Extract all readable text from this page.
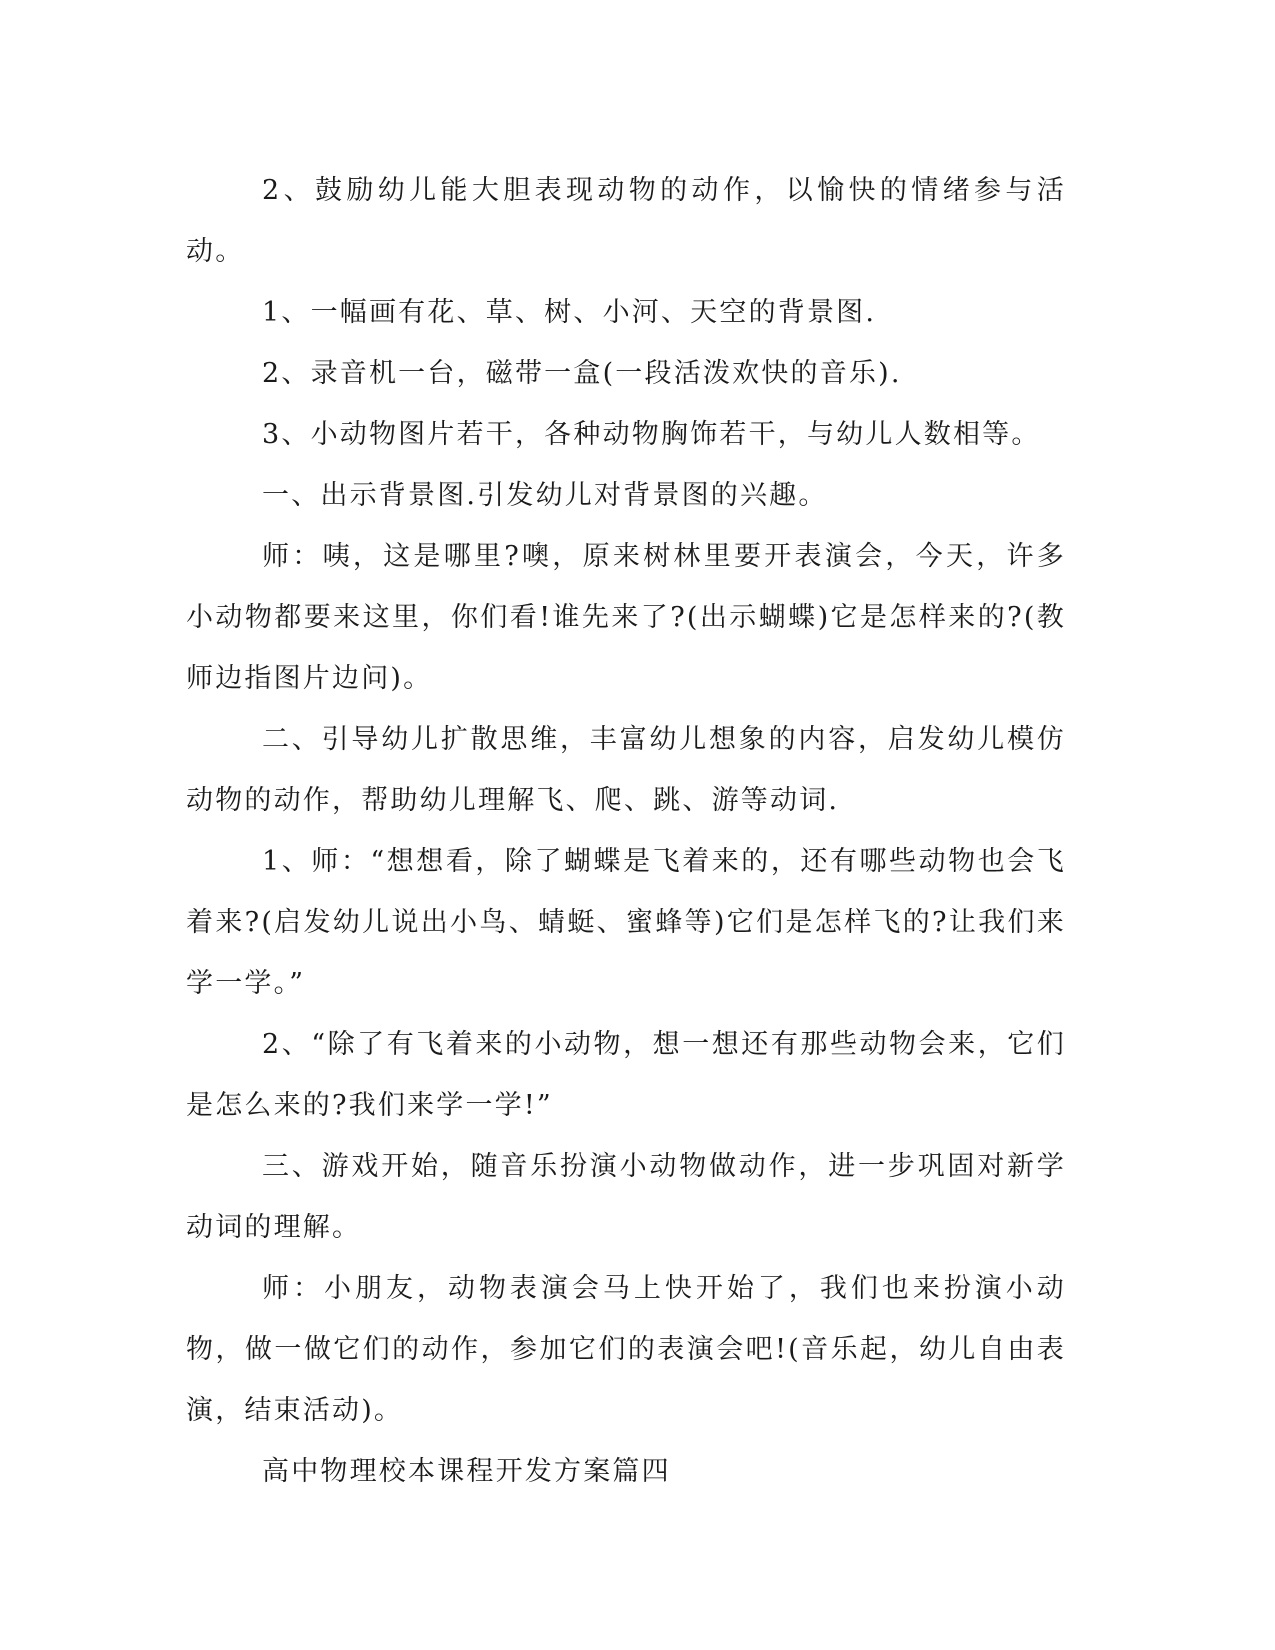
2、鼓励幼儿能大胆表现动物的动作，以愉快的情绪参与活动。

1、一幅画有花、草、树、小河、天空的背景图.

2、录音机一台，磁带一盒(一段活泼欢快的音乐).

3、小动物图片若干，各种动物胸饰若干，与幼儿人数相等。

一、出示背景图.引发幼儿对背景图的兴趣。

师：咦，这是哪里?噢，原来树林里要开表演会，今天，许多小动物都要来这里，你们看!谁先来了?(出示蝴蝶)它是怎样来的?(教师边指图片边问)。

二、引导幼儿扩散思维，丰富幼儿想象的内容，启发幼儿模仿动物的动作，帮助幼儿理解飞、爬、跳、游等动词.

1、师：“想想看，除了蝴蝶是飞着来的，还有哪些动物也会飞着来?(启发幼儿说出小鸟、蜻蜓、蜜蜂等)它们是怎样飞的?让我们来学一学。”

2、“除了有飞着来的小动物，想一想还有那些动物会来，它们是怎么来的?我们来学一学!”

三、游戏开始，随音乐扮演小动物做动作，进一步巩固对新学动词的理解。

师：小朋友，动物表演会马上快开始了，我们也来扮演小动物，做一做它们的动作，参加它们的表演会吧!(音乐起，幼儿自由表演，结束活动)。

高中物理校本课程开发方案篇四
